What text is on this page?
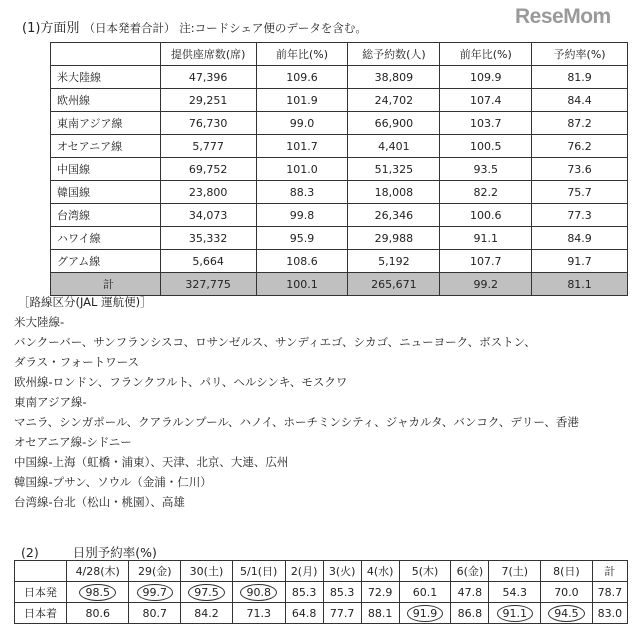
ReseMom
(1)方面別 （日本発着合計） 注:コードシェア便のデータを含む。
	提供座席数(席)	前年比(%)	総予約数(人)	前年比(%)	予約率(%)
米大陸線	47,396	109.6	38,809	109.9	81.9
欧州線	29,251	101.9	24,702	107.4	84.4
東南アジア線	76,730	99.0	66,900	103.7	87.2
オセアニア線	5,777	101.7	4,401	100.5	76.2
中国線	69,752	101.0	51,325	93.5	73.6
韓国線	23,800	88.3	18,008	82.2	75.7
台湾線	34,073	99.8	26,346	100.6	77.3
ハワイ線	35,332	95.9	29,988	91.1	84.9
グアム線	5,664	108.6	5,192	107.7	91.7
計	327,775	100.1	265,671	99.2	81.1
［路線区分(JAL 運航便)］
米大陸線-
バンクーバー、サンフランシスコ、ロサンゼルス、サンディエゴ、シカゴ、ニューヨーク、ボストン、
ダラス・フォートワース
欧州線-ロンドン、フランクフルト、パリ、ヘルシンキ、モスクワ
東南アジア線-
マニラ、シンガポール、クアラルンプール、ハノイ、ホーチミンシティ、ジャカルタ、バンコク、デリー、香港
オセアニア線-シドニー
中国線-上海（虹橋・浦東）、天津、北京、大連、広州
韓国線-プサン、ソウル（金浦・仁川）
台湾線-台北（松山・桃園）、高雄
(2)	日別予約率(%)
	4/28(木)	29(金)	30(土)	5/1(日)	2(月)	3(火)	4(水)	5(木)	6(金)	7(土)	8(日)	計
日本発	98.5	99.7	97.5	90.8	85.3	85.3	72.9	60.1	47.8	54.3	70.0	78.7
日本着	80.6	80.7	84.2	71.3	64.8	77.7	88.1	91.9	86.8	91.1	94.5	83.0
